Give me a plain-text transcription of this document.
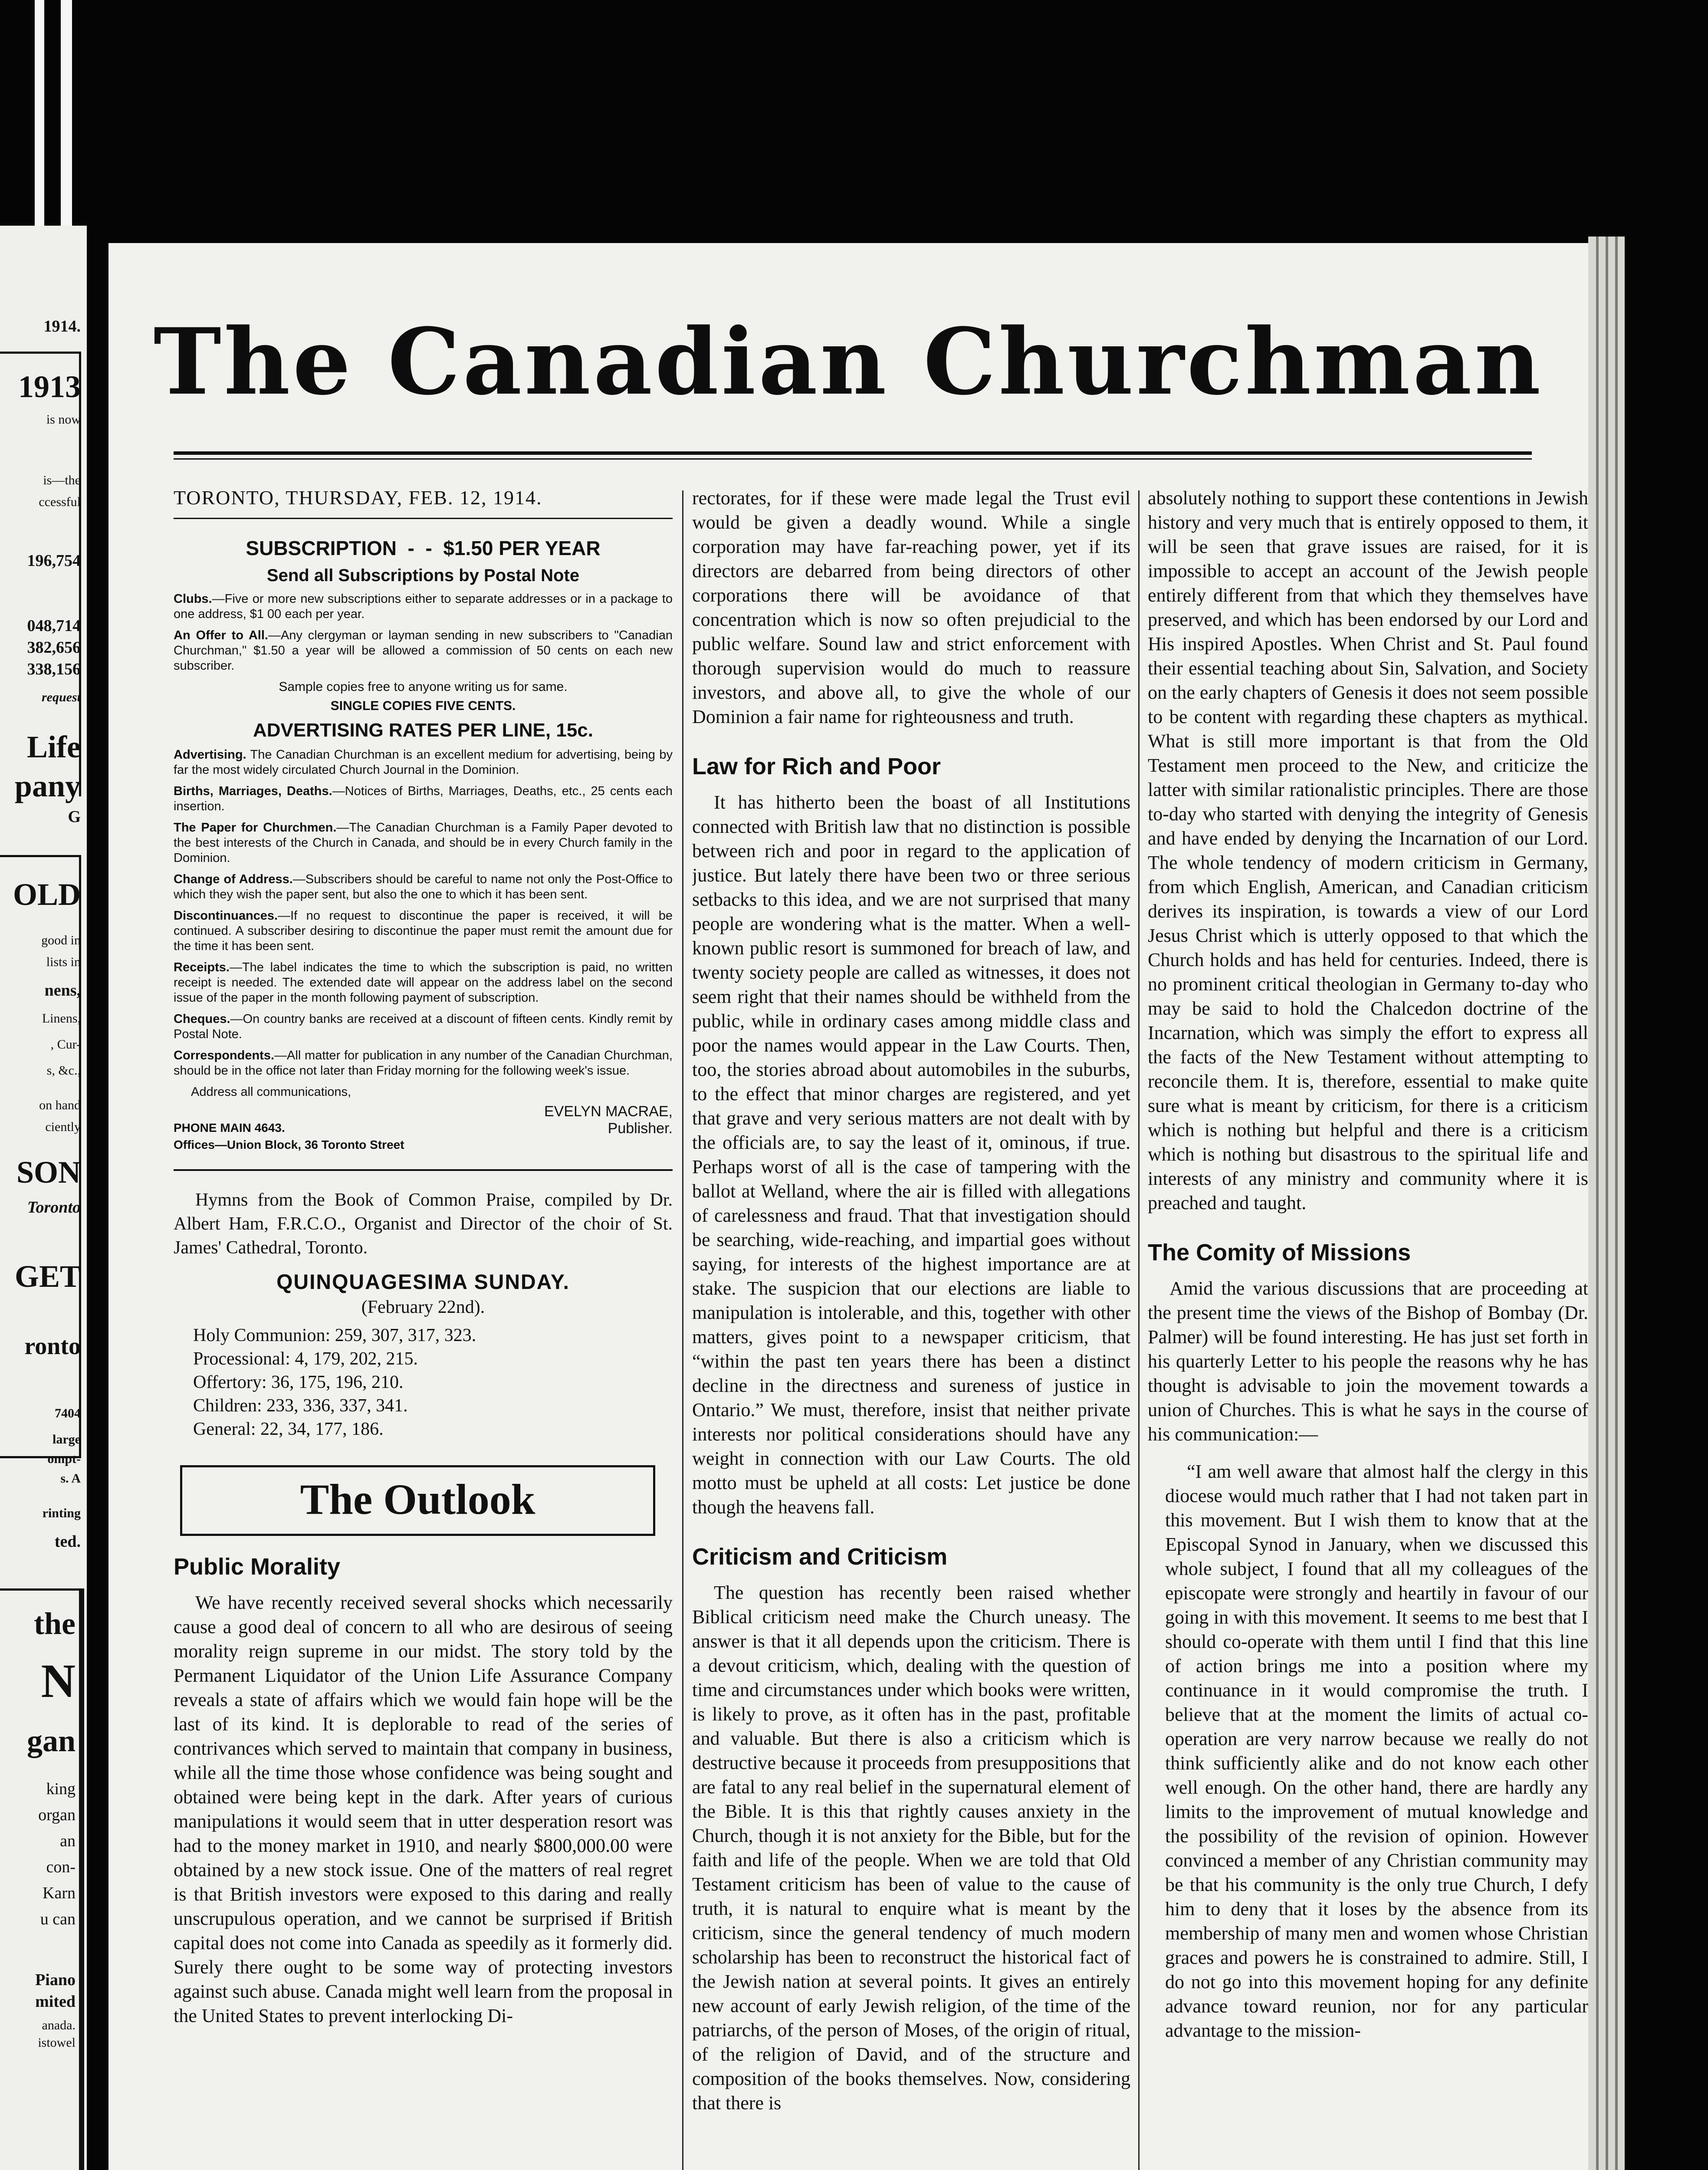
1914.
1913
is now
is—the
ccessful
196,754
048,714
382,656
338,156
request
Life
pany
G
OLD
good in
lists in
nens,
Linens,
, Cur-
s, &c.,
on hand
ciently
SON
Toronto
GET
ronto
7404
large
ompt-
s. A
rinting
ted.
the
N
gan
king
organ
an
con-
Karn
u can
Piano
mited
anada.
istowel
The Canadian Churchman
TORONTO, THURSDAY, FEB. 12, 1914.
SUBSCRIPTION  -  -  $1.50 PER YEAR
Send all Subscriptions by Postal Note
Clubs.—Five or more new subscriptions either to separate addresses or in a package to one address, $1 00 each per year.
An Offer to All.—Any clergyman or layman sending in new subscribers to "Canadian Churchman," $1.50 a year will be allowed a commission of 50 cents on each new subscriber.
Sample copies free to anyone writing us for same.
SINGLE COPIES FIVE CENTS.
ADVERTISING RATES PER LINE, 15c.
Advertising. The Canadian Churchman is an excellent medium for advertising, being by far the most widely circulated Church Journal in the Dominion.
Births, Marriages, Deaths.—Notices of Births, Marriages, Deaths, etc., 25 cents each insertion.
The Paper for Churchmen.—The Canadian Churchman is a Family Paper devoted to the best interests of the Church in Canada, and should be in every Church family in the Dominion.
Change of Address.—Subscribers should be careful to name not only the Post-Office to which they wish the paper sent, but also the one to which it has been sent.
Discontinuances.—If no request to discontinue the paper is received, it will be continued. A subscriber desiring to discontinue the paper must remit the amount due for the time it has been sent.
Receipts.—The label indicates the time to which the subscription is paid, no written receipt is needed. The extended date will appear on the address label on the second issue of the paper in the month following payment of subscription.
Cheques.—On country banks are received at a discount of fifteen cents. Kindly remit by Postal Note.
Correspondents.—All matter for publication in any number of the Canadian Churchman, should be in the office not later than Friday morning for the following week's issue.
Address all communications,
EVELYN MACRAE,
PHONE MAIN 4643.	Publisher.
Offices—Union Block, 36 Toronto Street

Hymns from the Book of Common Praise, compiled by Dr. Albert Ham, F.R.C.O., Organist and Director of the choir of St. James' Cathedral, Toronto.

QUINQUAGESIMA SUNDAY.
(February 22nd).

Holy Communion: 259, 307, 317, 323.

Processional: 4, 179, 202, 215.

Offertory: 36, 175, 196, 210.

Children: 233, 336, 337, 341.

General: 22, 34, 177, 186.

The Outlook
Public Morality

We have recently received several shocks which necessarily cause a good deal of concern to all who are desirous of seeing morality reign supreme in our midst. The story told by the Permanent Liquidator of the Union Life Assurance Company reveals a state of affairs which we would fain hope will be the last of its kind. It is deplorable to read of the series of contrivances which served to maintain that company in business, while all the time those whose confidence was being sought and obtained were being kept in the dark. After years of curious manipulations it would seem that in utter desperation resort was had to the money market in 1910, and nearly $800,000.00 were obtained by a new stock issue. One of the matters of real regret is that British investors were exposed to this daring and really unscrupulous operation, and we cannot be surprised if British capital does not come into Canada as speedily as it formerly did. Surely there ought to be some way of protecting investors against such abuse. Canada might well learn from the proposal in the United States to prevent interlocking Di-

rectorates, for if these were made legal the Trust evil would be given a deadly wound. While a single corporation may have far-reaching power, yet if its directors are debarred from being directors of other corporations there will be avoidance of that concentration which is now so often prejudicial to the public welfare. Sound law and strict enforcement with thorough supervision would do much to reassure investors, and above all, to give the whole of our Dominion a fair name for righteousness and truth.

Law for Rich and Poor

It has hitherto been the boast of all Institutions connected with British law that no distinction is possible between rich and poor in regard to the application of justice. But lately there have been two or three serious setbacks to this idea, and we are not surprised that many people are wondering what is the matter. When a well-known public resort is summoned for breach of law, and twenty society people are called as witnesses, it does not seem right that their names should be withheld from the public, while in ordinary cases among middle class and poor the names would appear in the Law Courts. Then, too, the stories abroad about automobiles in the suburbs, to the effect that minor charges are registered, and yet that grave and very serious matters are not dealt with by the officials are, to say the least of it, ominous, if true. Perhaps worst of all is the case of tampering with the ballot at Welland, where the air is filled with allegations of carelessness and fraud. That that investigation should be searching, wide-reaching, and impartial goes without saying, for interests of the highest importance are at stake. The suspicion that our elections are liable to manipulation is intolerable, and this, together with other matters, gives point to a newspaper criticism, that “within the past ten years there has been a distinct decline in the directness and sureness of justice in Ontario.” We must, therefore, insist that neither private interests nor political considerations should have any weight in connection with our Law Courts. The old motto must be upheld at all costs: Let justice be done though the heavens fall.

Criticism and Criticism

The question has recently been raised whether Biblical criticism need make the Church uneasy. The answer is that it all depends upon the criticism. There is a devout criticism, which, dealing with the question of time and circumstances under which books were written, is likely to prove, as it often has in the past, profitable and valuable. But there is also a criticism which is destructive because it proceeds from presuppositions that are fatal to any real belief in the supernatural element of the Bible. It is this that rightly causes anxiety in the Church, though it is not anxiety for the Bible, but for the faith and life of the people. When we are told that Old Testament criticism has been of value to the cause of truth, it is natural to enquire what is meant by the criticism, since the general tendency of much modern scholarship has been to reconstruct the historical fact of the Jewish nation at several points. It gives an entirely new account of early Jewish religion, of the time of the patriarchs, of the person of Moses, of the origin of ritual, of the religion of David, and of the structure and composition of the books themselves. Now, considering that there is

absolutely nothing to support these contentions in Jewish history and very much that is entirely opposed to them, it will be seen that grave issues are raised, for it is impossible to accept an account of the Jewish people entirely different from that which they themselves have preserved, and which has been endorsed by our Lord and His inspired Apostles. When Christ and St. Paul found their essential teaching about Sin, Salvation, and Society on the early chapters of Genesis it does not seem possible to be content with regarding these chapters as mythical. What is still more important is that from the Old Testament men proceed to the New, and criticize the latter with similar rationalistic principles. There are those to-day who started with denying the integrity of Genesis and have ended by denying the Incarnation of our Lord. The whole tendency of modern criticism in Germany, from which English, American, and Canadian criticism derives its inspiration, is towards a view of our Lord Jesus Christ which is utterly opposed to that which the Church holds and has held for centuries. Indeed, there is no prominent critical theologian in Germany to-day who may be said to hold the Chalcedon doctrine of the Incarnation, which was simply the effort to express all the facts of the New Testament without attempting to reconcile them. It is, therefore, essential to make quite sure what is meant by criticism, for there is a criticism which is nothing but helpful and there is a criticism which is nothing but disastrous to the spiritual life and interests of any ministry and community where it is preached and taught.

The Comity of Missions

Amid the various discussions that are proceeding at the present time the views of the Bishop of Bombay (Dr. Palmer) will be found interesting. He has just set forth in his quarterly Letter to his people the reasons why he has thought is advisable to join the movement towards a union of Churches. This is what he says in the course of his communication:—

“I am well aware that almost half the clergy in this diocese would much rather that I had not taken part in this movement. But I wish them to know that at the Episcopal Synod in January, when we discussed this whole subject, I found that all my colleagues of the episcopate were strongly and heartily in favour of our going in with this movement. It seems to me best that I should co-operate with them until I find that this line of action brings me into a position where my continuance in it would compromise the truth. I believe that at the moment the limits of actual co-operation are very narrow because we really do not think sufficiently alike and do not know each other well enough. On the other hand, there are hardly any limits to the improvement of mutual knowledge and the possibility of the revision of opinion. However convinced a member of any Christian community may be that his community is the only true Church, I defy him to deny that it loses by the absence from its membership of many men and women whose Christian graces and powers he is constrained to admire. Still, I do not go into this movement hoping for any definite advance toward reunion, nor for any particular advantage to the mission-
